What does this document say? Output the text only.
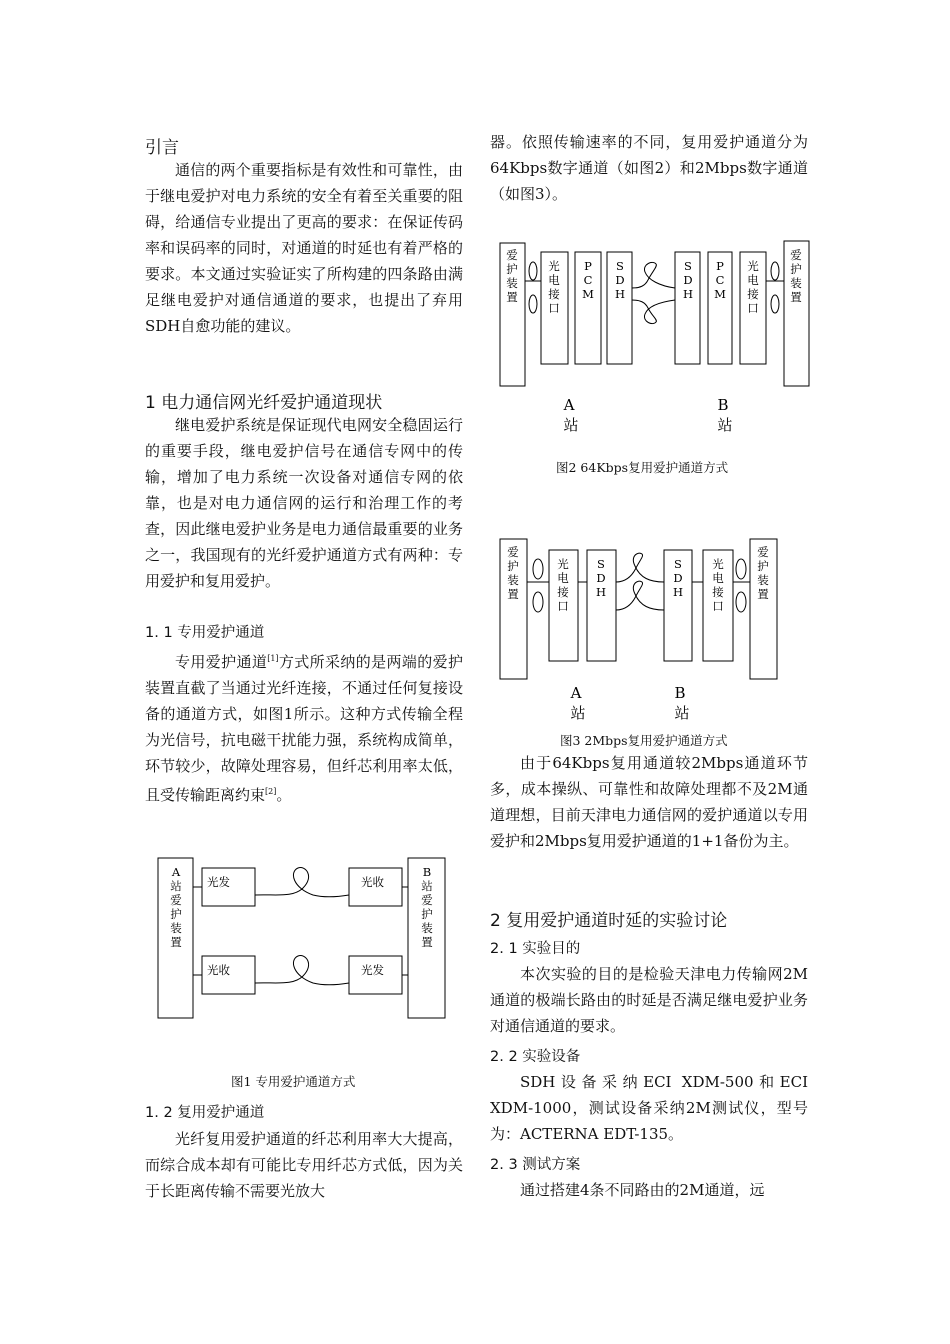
引言

通信的两个重要指标是有效性和可靠性，由于继电爱护对电力系统的安全有着至关重要的阻碍，给通信专业提出了更高的要求：在保证传码率和误码率的同时，对通道的时延也有着严格的要求。本文通过实验证实了所构建的四条路由满足继电爱护对通信通道的要求，也提出了弃用SDH自愈功能的建议。

1 电力通信网光纤爱护通道现状

继电爱护系统是保证现代电网安全稳固运行的重要手段，继电爱护信号在通信专网中的传输，增加了电力系统一次设备对通信专网的依靠，也是对电力通信网的运行和治理工作的考查，因此继电爱护业务是电力通信最重要的业务之一，我国现有的光纤爱护通道方式有两种：专用爱护和复用爱护。

1. 1 专用爱护通道

专用爱护通道[1]方式所采纳的是两端的爱护装置直截了当通过光纤连接，不通过任何复接设备的通道方式，如图1所示。这种方式传输全程为光信号，抗电磁干扰能力强，系统构成简单，环节较少，故障处理容易，但纤芯利用率太低，且受传输距离约束[2]。

A
站
爱
护
装
置
B
站
爱
护
装
置
光发	光收
光收	光发
图1 专用爱护通道方式
1. 2 复用爱护通道

光纤复用爱护通道的纤芯利用率大大提高，而综合成本却有可能比专用纤芯方式低，因为关于长距离传输不需要光放大

器。依照传输速率的不同，复用爱护通道分为64Kbps数字通道（如图2）和2Mbps数字通道（如图3）。

爱
护
装
置
光
电
接
口
P
C
M
S
D
H
S
D
H
P
C
M
光
电
接
口
爱
护
装
置
A
站
B
站
图2 64Kbps复用爱护通道方式
爱
护
装
置
光
电
接
口
S
D
H
S
D
H
光
电
接
口
爱
护
装
置
A
站
B
站
图3 2Mbps复用爱护通道方式

由于64Kbps复用通道较2Mbps通道环节多，成本操纵、可靠性和故障处理都不及2M通道理想，目前天津电力通信网的爱护通道以专用爱护和2Mbps复用爱护通道的1+1备份为主。

2 复用爱护通道时延的实验讨论
2. 1 实验目的

本次实验的目的是检验天津电力传输网2M通道的极端长路由的时延是否满足继电爱护业务对通信通道的要求。

2. 2 实验设备

SDH设备采纳ECI XDM-500和ECI XDM-1000，测试设备采纳2M测试仪，型号为：ACTERNA EDT-135。

2. 3 测试方案

通过搭建4条不同路由的2M通道，远
